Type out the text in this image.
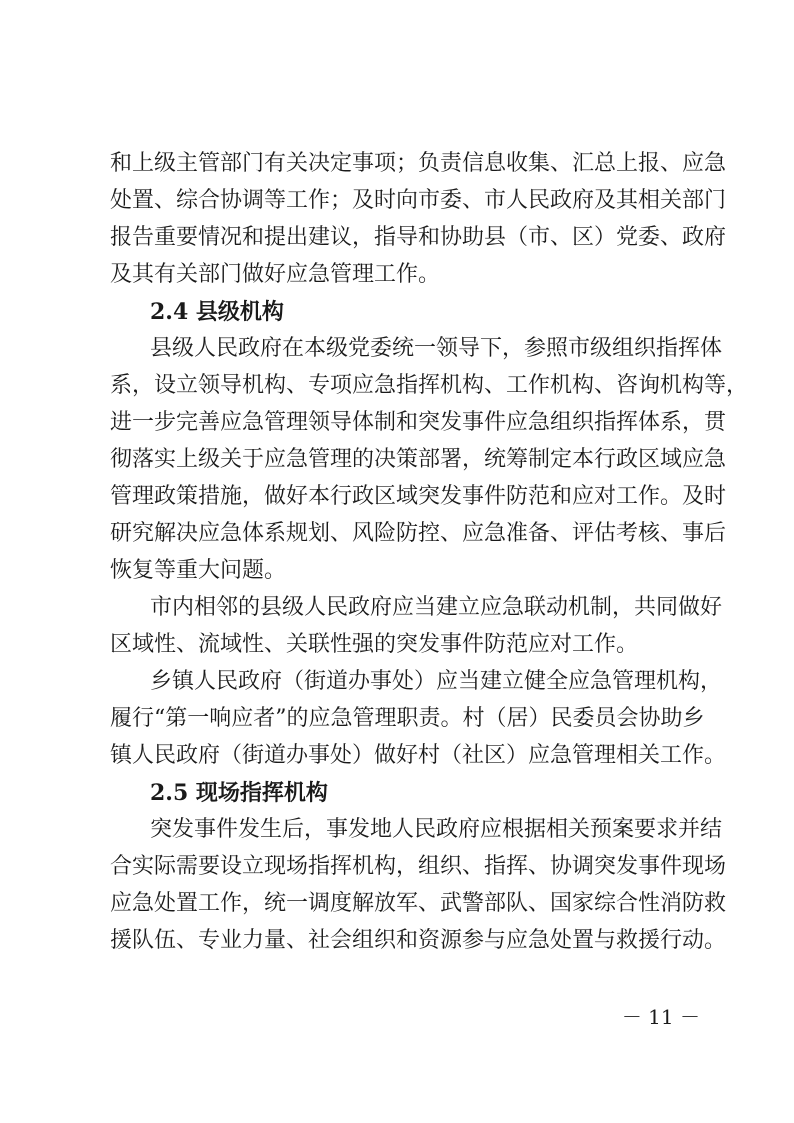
和上级主管部门有关决定事项；负责信息收集、汇总上报、应急
处置、综合协调等工作；及时向市委、市人民政府及其相关部门
报告重要情况和提出建议，指导和协助县（市、区）党委、政府
及其有关部门做好应急管理工作。
2.4 县级机构
县级人民政府在本级党委统一领导下，参照市级组织指挥体
系，设立领导机构、专项应急指挥机构、工作机构、咨询机构等，
进一步完善应急管理领导体制和突发事件应急组织指挥体系，贯
彻落实上级关于应急管理的决策部署，统筹制定本行政区域应急
管理政策措施，做好本行政区域突发事件防范和应对工作。及时
研究解决应急体系规划、风险防控、应急准备、评估考核、事后
恢复等重大问题。
市内相邻的县级人民政府应当建立应急联动机制，共同做好
区域性、流域性、关联性强的突发事件防范应对工作。
乡镇人民政府（街道办事处）应当建立健全应急管理机构，
履行“第一响应者”的应急管理职责。村（居）民委员会协助乡
镇人民政府（街道办事处）做好村（社区）应急管理相关工作。
2.5 现场指挥机构
突发事件发生后，事发地人民政府应根据相关预案要求并结
合实际需要设立现场指挥机构，组织、指挥、协调突发事件现场
应急处置工作，统一调度解放军、武警部队、国家综合性消防救
援队伍、专业力量、社会组织和资源参与应急处置与救援行动。
－ 11 －
